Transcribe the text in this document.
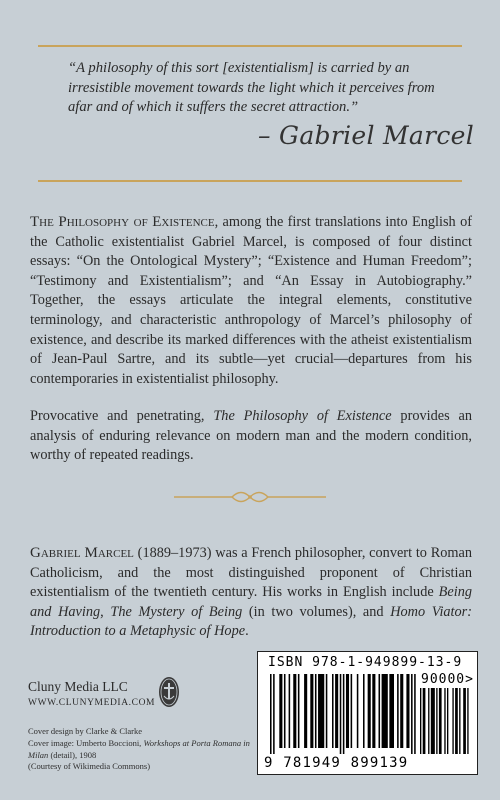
“A philosophy of this sort [existentialism] is carried by an irresistible movement towards the light which it perceives from afar and of which it suffers the secret attraction.”

– Gabriel Marcel

The Philosophy of Existence, among the first translations into English of the Catholic existentialist Gabriel Marcel, is composed of four distinct essays: “On the Ontological Mystery”; “Existence and Human Freedom”; “Testimony and Existentialism”; and “An Essay in Autobiography.” Together, the essays articulate the integral elements, constitutive terminology, and characteristic anthropology of Marcel’s philosophy of existence, and describe its marked differences with the atheist existentialism of Jean-Paul Sartre, and its subtle—yet crucial—departures from his contemporaries in existentialist philosophy.

Provocative and penetrating, The Philosophy of Existence provides an analysis of enduring relevance on modern man and the modern condition, worthy of repeated readings.

Gabriel Marcel (1889–1973) was a French philosopher, convert to Roman Catholicism, and the most distinguished proponent of Christian existentialism of the twentieth century. His works in English include Being and Having, The Mystery of Being (in two volumes), and Homo Viator: Introduction to a Metaphysic of Hope.

Cluny Media LLC
WWW.CLUNYMEDIA.COM
Cover design by Clarke & Clarke
Cover image: Umberto Boccioni, Workshops at Porta Romana in Milan (detail), 1908
(Courtesy of Wikimedia Commons)
ISBN 978-1-949899-13-9
90000>
9 781949 899139
